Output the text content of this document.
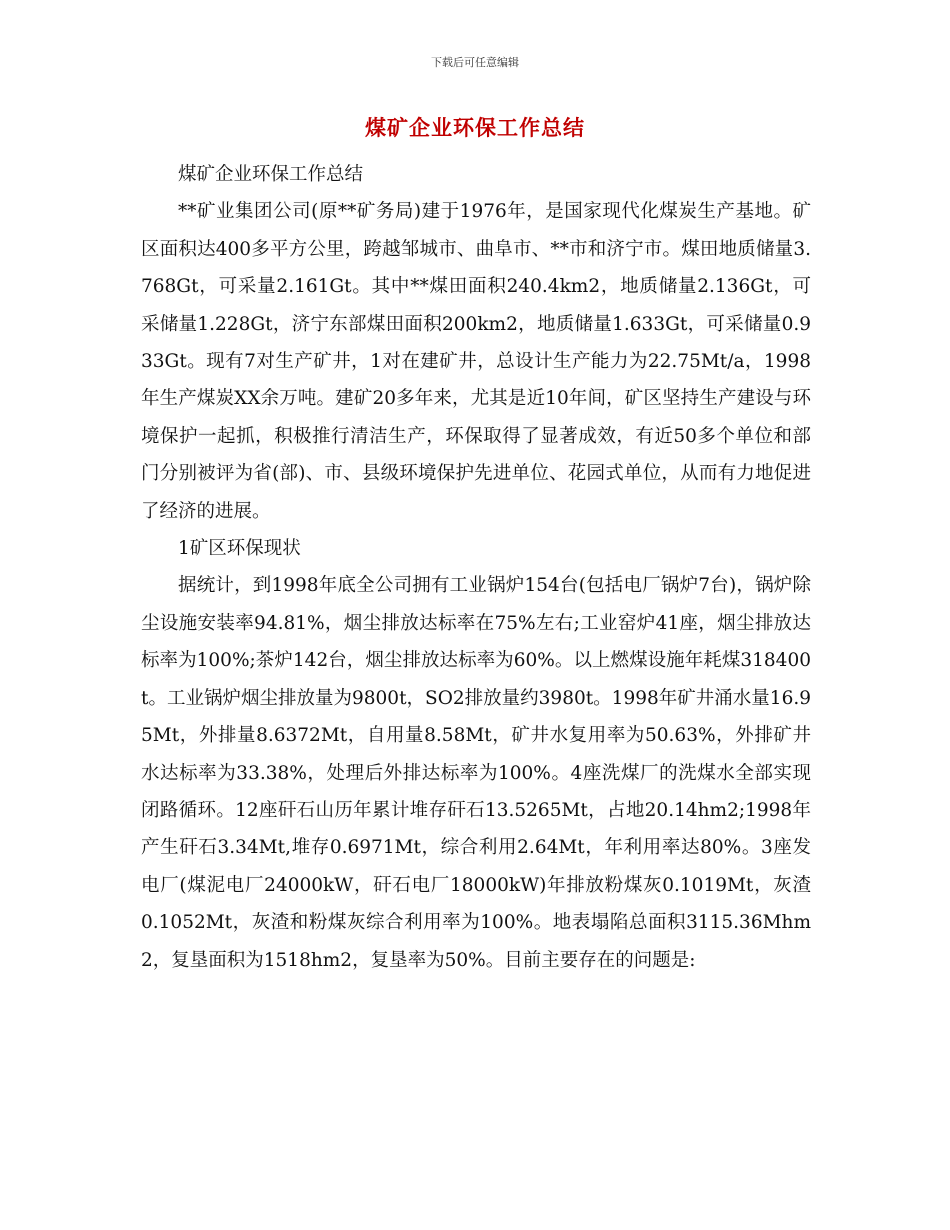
下载后可任意编辑
煤矿企业环保工作总结

煤矿企业环保工作总结

**矿业集团公司(原**矿务局)建于1976年，是国家现代化煤炭生产基地。矿区面积达400多平方公里，跨越邹城市、曲阜市、**市和济宁市。煤田地质储量3.768Gt，可采量2.161Gt。其中**煤田面积240.4km2，地质储量2.136Gt，可采储量1.228Gt，济宁东部煤田面积200km2，地质储量1.633Gt，可采储量0.933Gt。现有7对生产矿井，1对在建矿井，总设计生产能力为22.75Mt/a，1998年生产煤炭XX余万吨。建矿20多年来，尤其是近10年间，矿区坚持生产建设与环境保护一起抓，积极推行清洁生产，环保取得了显著成效，有近50多个单位和部门分别被评为省(部)、市、县级环境保护先进单位、花园式单位，从而有力地促进了经济的进展。

1矿区环保现状

据统计，到1998年底全公司拥有工业锅炉154台(包括电厂锅炉7台)，锅炉除尘设施安装率94.81%，烟尘排放达标率在75%左右;工业窑炉41座，烟尘排放达标率为100%;茶炉142台，烟尘排放达标率为60%。以上燃煤设施年耗煤318400t。工业锅炉烟尘排放量为9800t，SO2排放量约3980t。1998年矿井涌水量16.95Mt，外排量8.6372Mt，自用量8.58Mt，矿井水复用率为50.63%，外排矿井水达标率为33.38%，处理后外排达标率为100%。4座洗煤厂的洗煤水全部实现闭路循环。12座矸石山历年累计堆存矸石13.5265Mt，占地20.14hm2;1998年产生矸石3.34Mt,堆存0.6971Mt，综合利用2.64Mt，年利用率达80%。3座发电厂(煤泥电厂24000kW，矸石电厂18000kW)年排放粉煤灰0.1019Mt，灰渣0.1052Mt，灰渣和粉煤灰综合利用率为100%。地表塌陷总面积3115.36Mhm2，复垦面积为1518hm2，复垦率为50%。目前主要存在的问题是:
